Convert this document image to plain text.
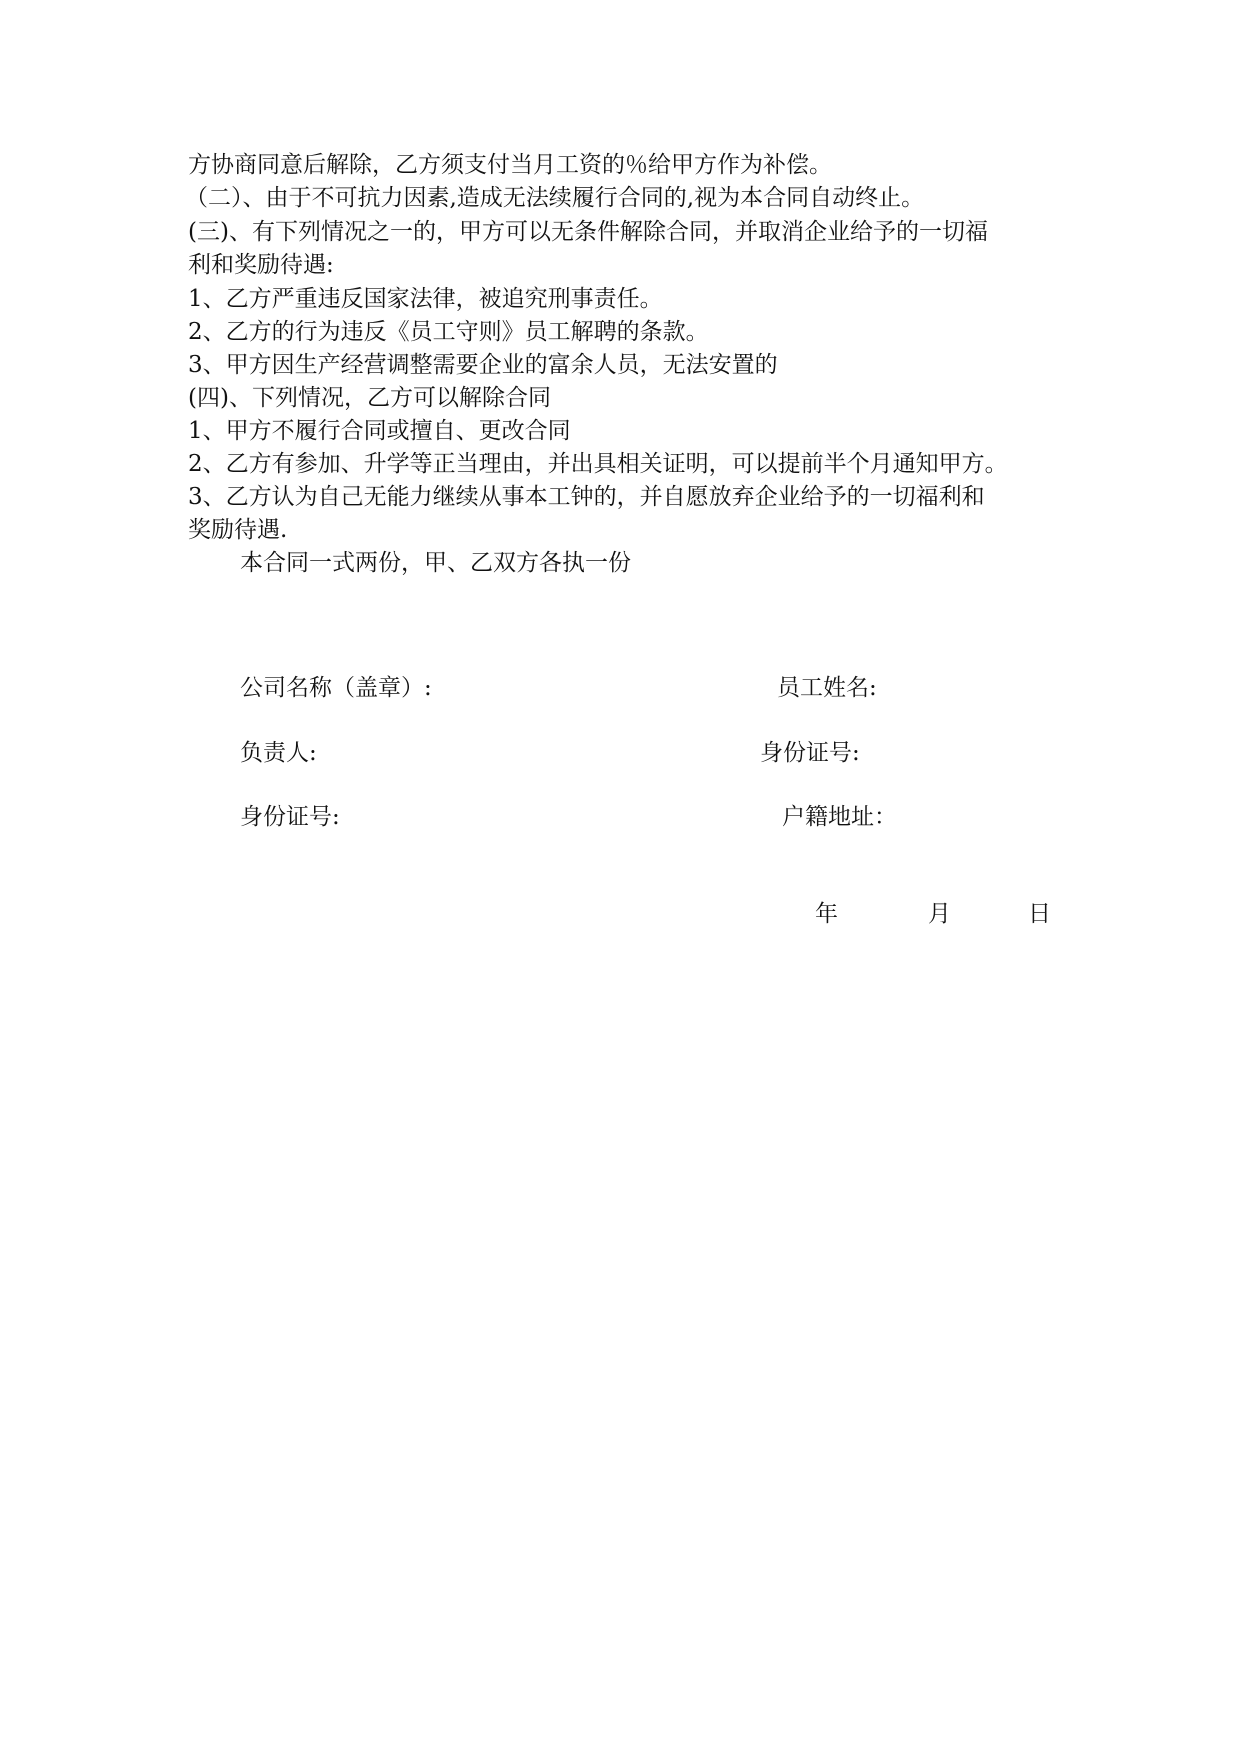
方协商同意后解除，乙方须支付当月工资的％给甲方作为补偿。
（二）、由于不可抗力因素,造成无法续履行合同的,视为本合同自动终止。
(三)、有下列情况之一的，甲方可以无条件解除合同，并取消企业给予的一切福
利和奖励待遇:
1、乙方严重违反国家法律，被追究刑事责任。
2、乙方的行为违反《员工守则》员工解聘的条款。
3、甲方因生产经营调整需要企业的富余人员，无法安置的
(四)、下列情况，乙方可以解除合同
1、甲方不履行合同或擅自、更改合同
2、乙方有参加、升学等正当理由，并出具相关证明，可以提前半个月通知甲方。
3、乙方认为自己无能力继续从事本工钟的，并自愿放弃企业给予的一切福利和
奖励待遇.
本合同一式两份，甲、乙双方各执一份
公司名称（盖章）:	员工姓名:
负责人:	身份证号:
身份证号:	户籍地址：
年	月	日
